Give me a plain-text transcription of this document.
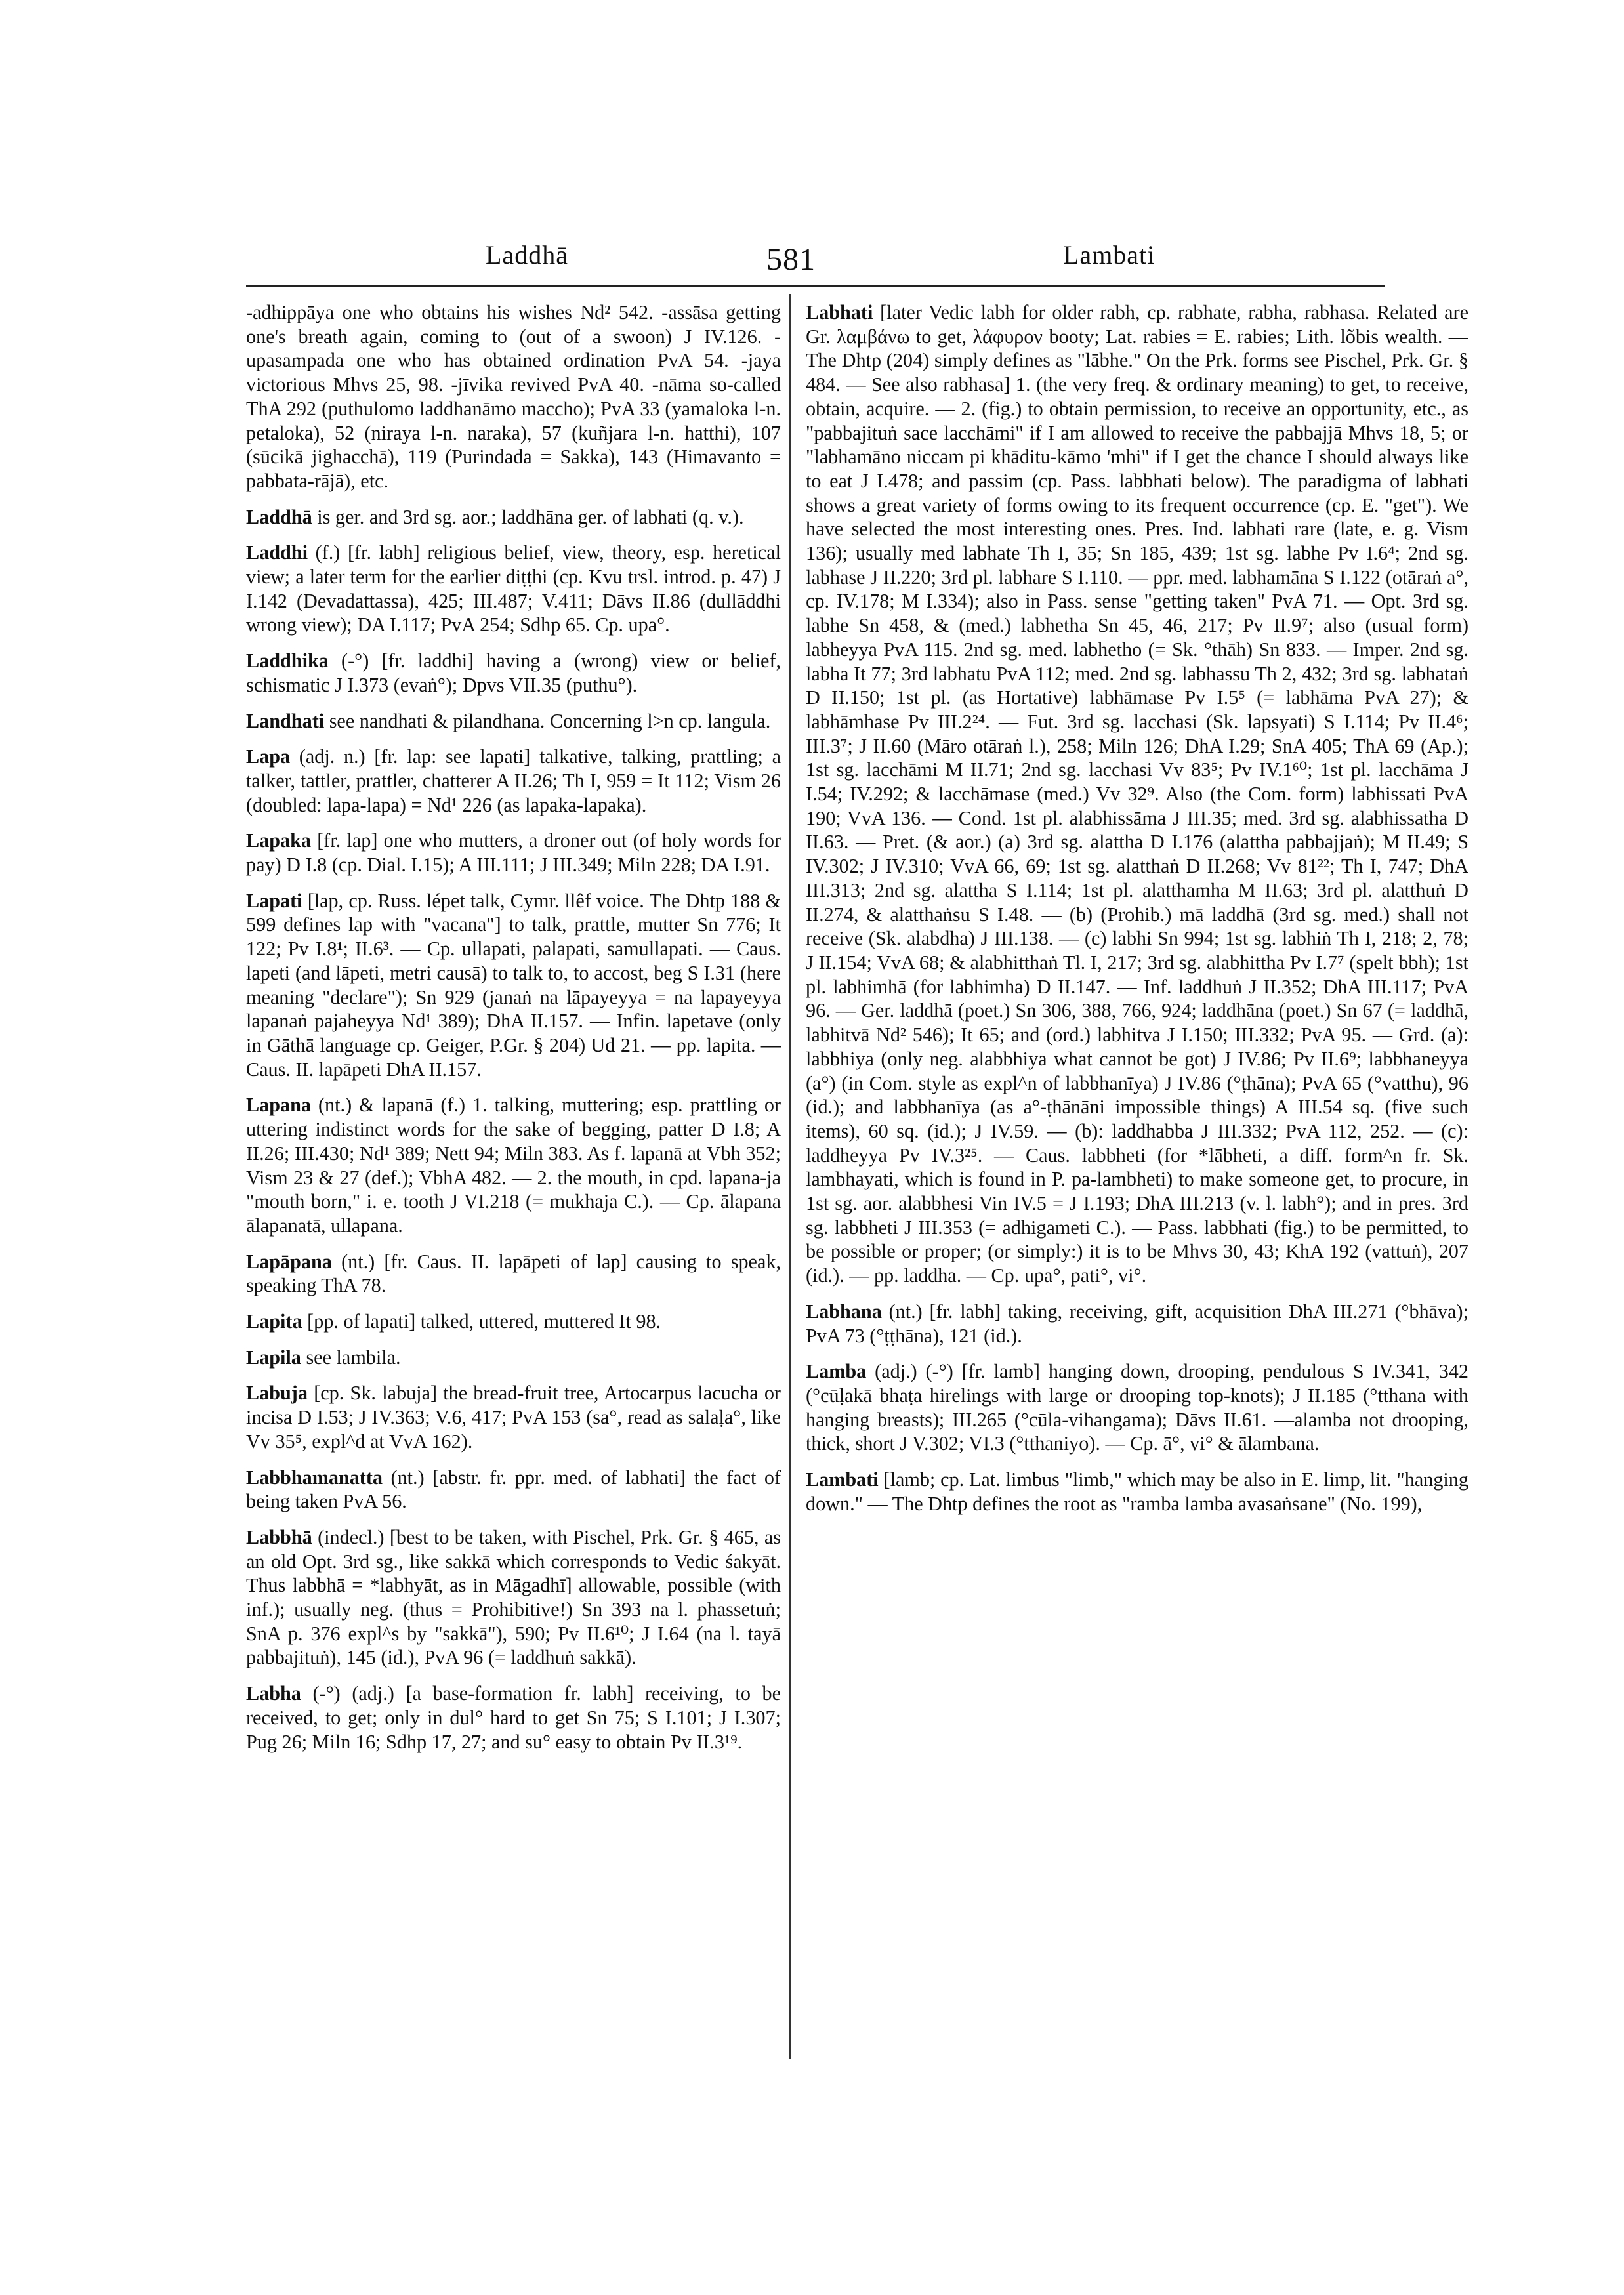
Laddhā	581	Lambati

-adhippāya one who obtains his wishes Nd² 542. -assāsa getting one's breath again, coming to (out of a swoon) J IV.126. -upasampada one who has obtained ordination PvA 54. -jaya victorious Mhvs 25, 98. -jīvika revived PvA 40. -nāma so-called ThA 292 (puthulomo laddhanāmo maccho); PvA 33 (yamaloka l-n. petaloka), 52 (niraya l-n. naraka), 57 (kuñjara l-n. hatthi), 107 (sūcikā jighacchā), 119 (Purindada = Sakka), 143 (Himavanto = pabbata-rājā), etc.

Laddhā is ger. and 3rd sg. aor.; laddhāna ger. of labhati (q. v.).

Laddhi (f.) [fr. labh] religious belief, view, theory, esp. heretical view; a later term for the earlier diṭṭhi (cp. Kvu trsl. introd. p. 47) J I.142 (Devadattassa), 425; III.487; V.411; Dāvs II.86 (dullāddhi wrong view); DA I.117; PvA 254; Sdhp 65. Cp. upa°.

Laddhika (-°) [fr. laddhi] having a (wrong) view or belief, schismatic J I.373 (evaṅ°); Dpvs VII.35 (puthu°).

Landhati see nandhati & pilandhana. Concerning l>n cp. langula.

Lapa (adj. n.) [fr. lap: see lapati] talkative, talking, prattling; a talker, tattler, prattler, chatterer A II.26; Th I, 959 = It 112; Vism 26 (doubled: lapa-lapa) = Nd¹ 226 (as lapaka-lapaka).

Lapaka [fr. lap] one who mutters, a droner out (of holy words for pay) D I.8 (cp. Dial. I.15); A III.111; J III.349; Miln 228; DA I.91.

Lapati [lap, cp. Russ. lépet talk, Cymr. llêf voice. The Dhtp 188 & 599 defines lap with "vacana"] to talk, prattle, mutter Sn 776; It 122; Pv I.8¹; II.6³. — Cp. ullapati, palapati, samullapati. — Caus. lapeti (and lāpeti, metri causā) to talk to, to accost, beg S I.31 (here meaning "declare"); Sn 929 (janaṅ na lāpayeyya = na lapayeyya lapanaṅ pajaheyya Nd¹ 389); DhA II.157. — Infin. lapetave (only in Gāthā language cp. Geiger, P.Gr. § 204) Ud 21. — pp. lapita. — Caus. II. lapāpeti DhA II.157.

Lapana (nt.) & lapanā (f.) 1. talking, muttering; esp. prattling or uttering indistinct words for the sake of begging, patter D I.8; A II.26; III.430; Nd¹ 389; Nett 94; Miln 383. As f. lapanā at Vbh 352; Vism 23 & 27 (def.); VbhA 482. — 2. the mouth, in cpd. lapana-ja "mouth born," i. e. tooth J VI.218 (= mukhaja C.). — Cp. ālapana ālapanatā, ullapana.

Lapāpana (nt.) [fr. Caus. II. lapāpeti of lap] causing to speak, speaking ThA 78.

Lapita [pp. of lapati] talked, uttered, muttered It 98.

Lapila see lambila.

Labuja [cp. Sk. labuja] the bread-fruit tree, Artocarpus lacucha or incisa D I.53; J IV.363; V.6, 417; PvA 153 (sa°, read as salaḷa°, like Vv 35⁵, expl^d at VvA 162).

Labbhamanatta (nt.) [abstr. fr. ppr. med. of labhati] the fact of being taken PvA 56.

Labbhā (indecl.) [best to be taken, with Pischel, Prk. Gr. § 465, as an old Opt. 3rd sg., like sakkā which corresponds to Vedic śakyāt. Thus labbhā = *labhyāt, as in Māgadhī] allowable, possible (with inf.); usually neg. (thus = Prohibitive!) Sn 393 na l. phassetuṅ; SnA p. 376 expl^s by "sakkā"), 590; Pv II.6¹⁰; J I.64 (na l. tayā pabbajituṅ), 145 (id.), PvA 96 (= laddhuṅ sakkā).

Labha (-°) (adj.) [a base-formation fr. labh] receiving, to be received, to get; only in dul° hard to get Sn 75; S I.101; J I.307; Pug 26; Miln 16; Sdhp 17, 27; and su° easy to obtain Pv II.3¹⁹.

Labhati [later Vedic labh for older rabh, cp. rabhate, rabha, rabhasa. Related are Gr. λαμβάνω to get, λάφυρον booty; Lat. rabies = E. rabies; Lith. lõbis wealth. — The Dhtp (204) simply defines as "lābhe." On the Prk. forms see Pischel, Prk. Gr. § 484. — See also rabhasa] 1. (the very freq. & ordinary meaning) to get, to receive, obtain, acquire. — 2. (fig.) to obtain permission, to receive an opportunity, etc., as "pabbajituṅ sace lacchāmi" if I am allowed to receive the pabbajjā Mhvs 18, 5; or "labhamāno niccam pi khāditu-kāmo 'mhi" if I get the chance I should always like to eat J I.478; and passim (cp. Pass. labbhati below). The paradigma of labhati shows a great variety of forms owing to its frequent occurrence (cp. E. "get"). We have selected the most interesting ones. Pres. Ind. labhati rare (late, e. g. Vism 136); usually med labhate Th I, 35; Sn 185, 439; 1st sg. labhe Pv I.6⁴; 2nd sg. labhase J II.220; 3rd pl. labhare S I.110. — ppr. med. labhamāna S I.122 (otāraṅ a°, cp. IV.178; M I.334); also in Pass. sense "getting taken" PvA 71. — Opt. 3rd sg. labhe Sn 458, & (med.) labhetha Sn 45, 46, 217; Pv II.9⁷; also (usual form) labheyya PvA 115. 2nd sg. med. labhetho (= Sk. °thāh) Sn 833. — Imper. 2nd sg. labha It 77; 3rd labhatu PvA 112; med. 2nd sg. labhassu Th 2, 432; 3rd sg. labhataṅ D II.150; 1st pl. (as Hortative) labhāmase Pv I.5⁵ (= labhāma PvA 27); & labhāmhase Pv III.2²⁴. — Fut. 3rd sg. lacchasi (Sk. lapsyati) S I.114; Pv II.4⁶; III.3⁷; J II.60 (Māro otāraṅ l.), 258; Miln 126; DhA I.29; SnA 405; ThA 69 (Ap.); 1st sg. lacchāmi M II.71; 2nd sg. lacchasi Vv 83⁵; Pv IV.1⁶⁰; 1st pl. lacchāma J I.54; IV.292; & lacchāmase (med.) Vv 32⁹. Also (the Com. form) labhissati PvA 190; VvA 136. — Cond. 1st pl. alabhissāma J III.35; med. 3rd sg. alabhissatha D II.63. — Pret. (& aor.) (a) 3rd sg. alattha D I.176 (alattha pabbajjaṅ); M II.49; S IV.302; J IV.310; VvA 66, 69; 1st sg. alatthaṅ D II.268; Vv 81²²; Th I, 747; DhA III.313; 2nd sg. alattha S I.114; 1st pl. alatthamha M II.63; 3rd pl. alatthuṅ D II.274, & alatthaṅsu S I.48. — (b) (Prohib.) mā laddhā (3rd sg. med.) shall not receive (Sk. alabdha) J III.138. — (c) labhi Sn 994; 1st sg. labhiṅ Th I, 218; 2, 78; J II.154; VvA 68; & alabhitthaṅ Tl. I, 217; 3rd sg. alabhittha Pv I.7⁷ (spelt bbh); 1st pl. labhimhā (for labhimha) D II.147. — Inf. laddhuṅ J II.352; DhA III.117; PvA 96. — Ger. laddhā (poet.) Sn 306, 388, 766, 924; laddhāna (poet.) Sn 67 (= laddhā, labhitvā Nd² 546); It 65; and (ord.) labhitva J I.150; III.332; PvA 95. — Grd. (a): labbhiya (only neg. alabbhiya what cannot be got) J IV.86; Pv II.6⁹; labbhaneyya (a°) (in Com. style as expl^n of labbhanīya) J IV.86 (°ṭhāna); PvA 65 (°vatthu), 96 (id.); and labbhanīya (as a°-ṭhānāni impossible things) A III.54 sq. (five such items), 60 sq. (id.); J IV.59. — (b): laddhabba J III.332; PvA 112, 252. — (c): laddheyya Pv IV.3²⁵. — Caus. labbheti (for *lābheti, a diff. form^n fr. Sk. lambhayati, which is found in P. pa-lambheti) to make someone get, to procure, in 1st sg. aor. alabbhesi Vin IV.5 = J I.193; DhA III.213 (v. l. labh°); and in pres. 3rd sg. labbheti J III.353 (= adhigameti C.). — Pass. labbhati (fig.) to be permitted, to be possible or proper; (or simply:) it is to be Mhvs 30, 43; KhA 192 (vattuṅ), 207 (id.). — pp. laddha. — Cp. upa°, pati°, vi°.

Labhana (nt.) [fr. labh] taking, receiving, gift, acquisition DhA III.271 (°bhāva); PvA 73 (°ṭṭhāna), 121 (id.).

Lamba (adj.) (-°) [fr. lamb] hanging down, drooping, pendulous S IV.341, 342 (°cūḷakā bhaṭa hirelings with large or drooping top-knots); J II.185 (°tthana with hanging breasts); III.265 (°cūla-vihangama); Dāvs II.61. —alamba not drooping, thick, short J V.302; VI.3 (°tthaniyo). — Cp. ā°, vi° & ālambana.

Lambati [lamb; cp. Lat. limbus "limb," which may be also in E. limp, lit. "hanging down." — The Dhtp defines the root as "ramba lamba avasaṅsane" (No. 199),
